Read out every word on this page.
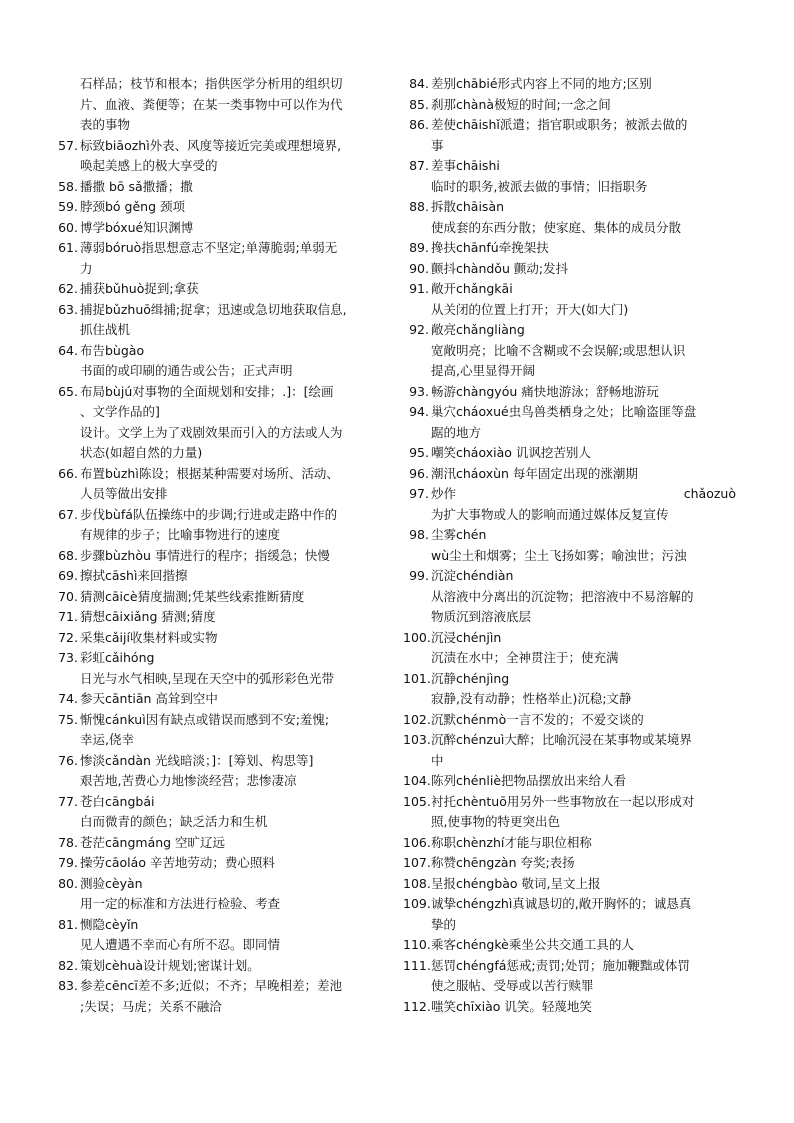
石样品；枝节和根本；指供医学分析用的组织切
片、血液、粪便等；在某一类事物中可以作为代
表的事物
57. 标致biāozhì外表、风度等接近完美或理想境界,
唤起美感上的极大享受的
58. 播撒 bō sǎ撒播；撒
59. 脖颈bó gěng 颈项
60. 博学bóxué知识渊博
61. 薄弱bóruò指思想意志不坚定;单薄脆弱;单弱无
力
62. 捕获bǔhuò捉到;拿获
63. 捕捉bǔzhuō缉捕;捉拿；迅速或急切地获取信息,
抓住战机
64. 布告bùgào
书面的或印刷的通告或公告；正式声明
65. 布局bùjú对事物的全面规划和安排；.]：[绘画
、文学作品的]
设计。文学上为了戏剧效果而引入的方法或人为
状态(如超自然的力量)
66. 布置bùzhì陈设；根据某种需要对场所、活动、
人员等做出安排
67. 步伐bùfá队伍操练中的步调;行进或走路中作的
有规律的步子；比喻事物进行的速度
68. 步骤bùzhòu 事情进行的程序；指缓急；快慢
69. 擦拭cāshì来回揩擦
70. 猜测cāicè猜度揣测;凭某些线索推断猜度
71. 猜想cāixiǎng 猜测;猜度
72. 采集cǎijí收集材料或实物
73. 彩虹cǎihóng
日光与水气相映,呈现在天空中的弧形彩色光带
74. 参天cāntiān 高耸到空中
75. 惭愧cánkuì因有缺点或错误而感到不安;羞愧;
幸运,侥幸
76. 惨淡cǎndàn 光线暗淡；]：[筹划、构思等]
艰苦地,苦费心力地惨淡经营；悲惨凄凉
77. 苍白cāngbái
白而微青的颜色；缺乏活力和生机
78. 苍茫cāngmáng 空旷辽远
79. 操劳cāoláo 辛苦地劳动；费心照料
80. 测验cèyàn
用一定的标准和方法进行检验、考查
81. 恻隐cèyǐn
见人遭遇不幸而心有所不忍。即同情
82. 策划cèhuà设计规划;密谋计划。
83. 参差cēncī差不多;近似；不齐；早晚相差；差池
;失误；马虎；关系不融洽
84. 差别chābié形式内容上不同的地方;区别
85. 刹那chànà极短的时间;一念之间
86. 差使chāishǐ派遣；指官职或职务；被派去做的
事
87. 差事chāishi
临时的职务,被派去做的事情；旧指职务
88. 拆散chāisàn
使成套的东西分散；使家庭、集体的成员分散
89. 搀扶chānfú牵挽架扶
90. 颤抖chàndǒu 颤动;发抖
91. 敞开chǎngkāi
从关闭的位置上打开；开大(如大门)
92. 敞亮chǎngliàng
宽敞明亮；比喻不含糊或不会误解;或思想认识
提高,心里显得开阔
93. 畅游chàngyóu 痛快地游泳；舒畅地游玩
94. 巢穴cháoxué虫鸟兽类栖身之处；比喻盗匪等盘
踞的地方
95. 嘲笑cháoxiào 讥讽挖苦别人
96. 潮汛cháoxùn 每年固定出现的涨潮期
97. 炒作	chǎozuò
为扩大事物或人的影响而通过媒体反复宣传
98. 尘雾chén
wù尘土和烟雾；尘土飞扬如雾；喻浊世；污浊
99. 沉淀chéndiàn
从溶液中分离出的沉淀物；把溶液中不易溶解的
物质沉到溶液底层
100. 沉浸chénjìn
沉渍在水中；全神贯注于；使充满
101. 沉静chénjìng
寂静,没有动静；性格举止)沉稳;文静
102. 沉默chénmò一言不发的；不爱交谈的
103. 沉醉chénzuì大醉；比喻沉浸在某事物或某境界
中
104. 陈列chénliè把物品摆放出来给人看
105. 衬托chèntuō用另外一些事物放在一起以形成对
照,使事物的特更突出色
106. 称职chènzhí才能与职位相称
107. 称赞chēngzàn 夸奖;表扬
108. 呈报chéngbào 敬词,呈文上报
109. 诚挚chéngzhì真诚恳切的,敞开胸怀的；诚恳真
挚的
110. 乘客chéngkè乘坐公共交通工具的人
111. 惩罚chéngfá惩戒;责罚;处罚；施加鞭黜或体罚
使之服帖、受辱或以苦行赎罪
112. 嗤笑chīxiào 讥笑。轻蔑地笑
